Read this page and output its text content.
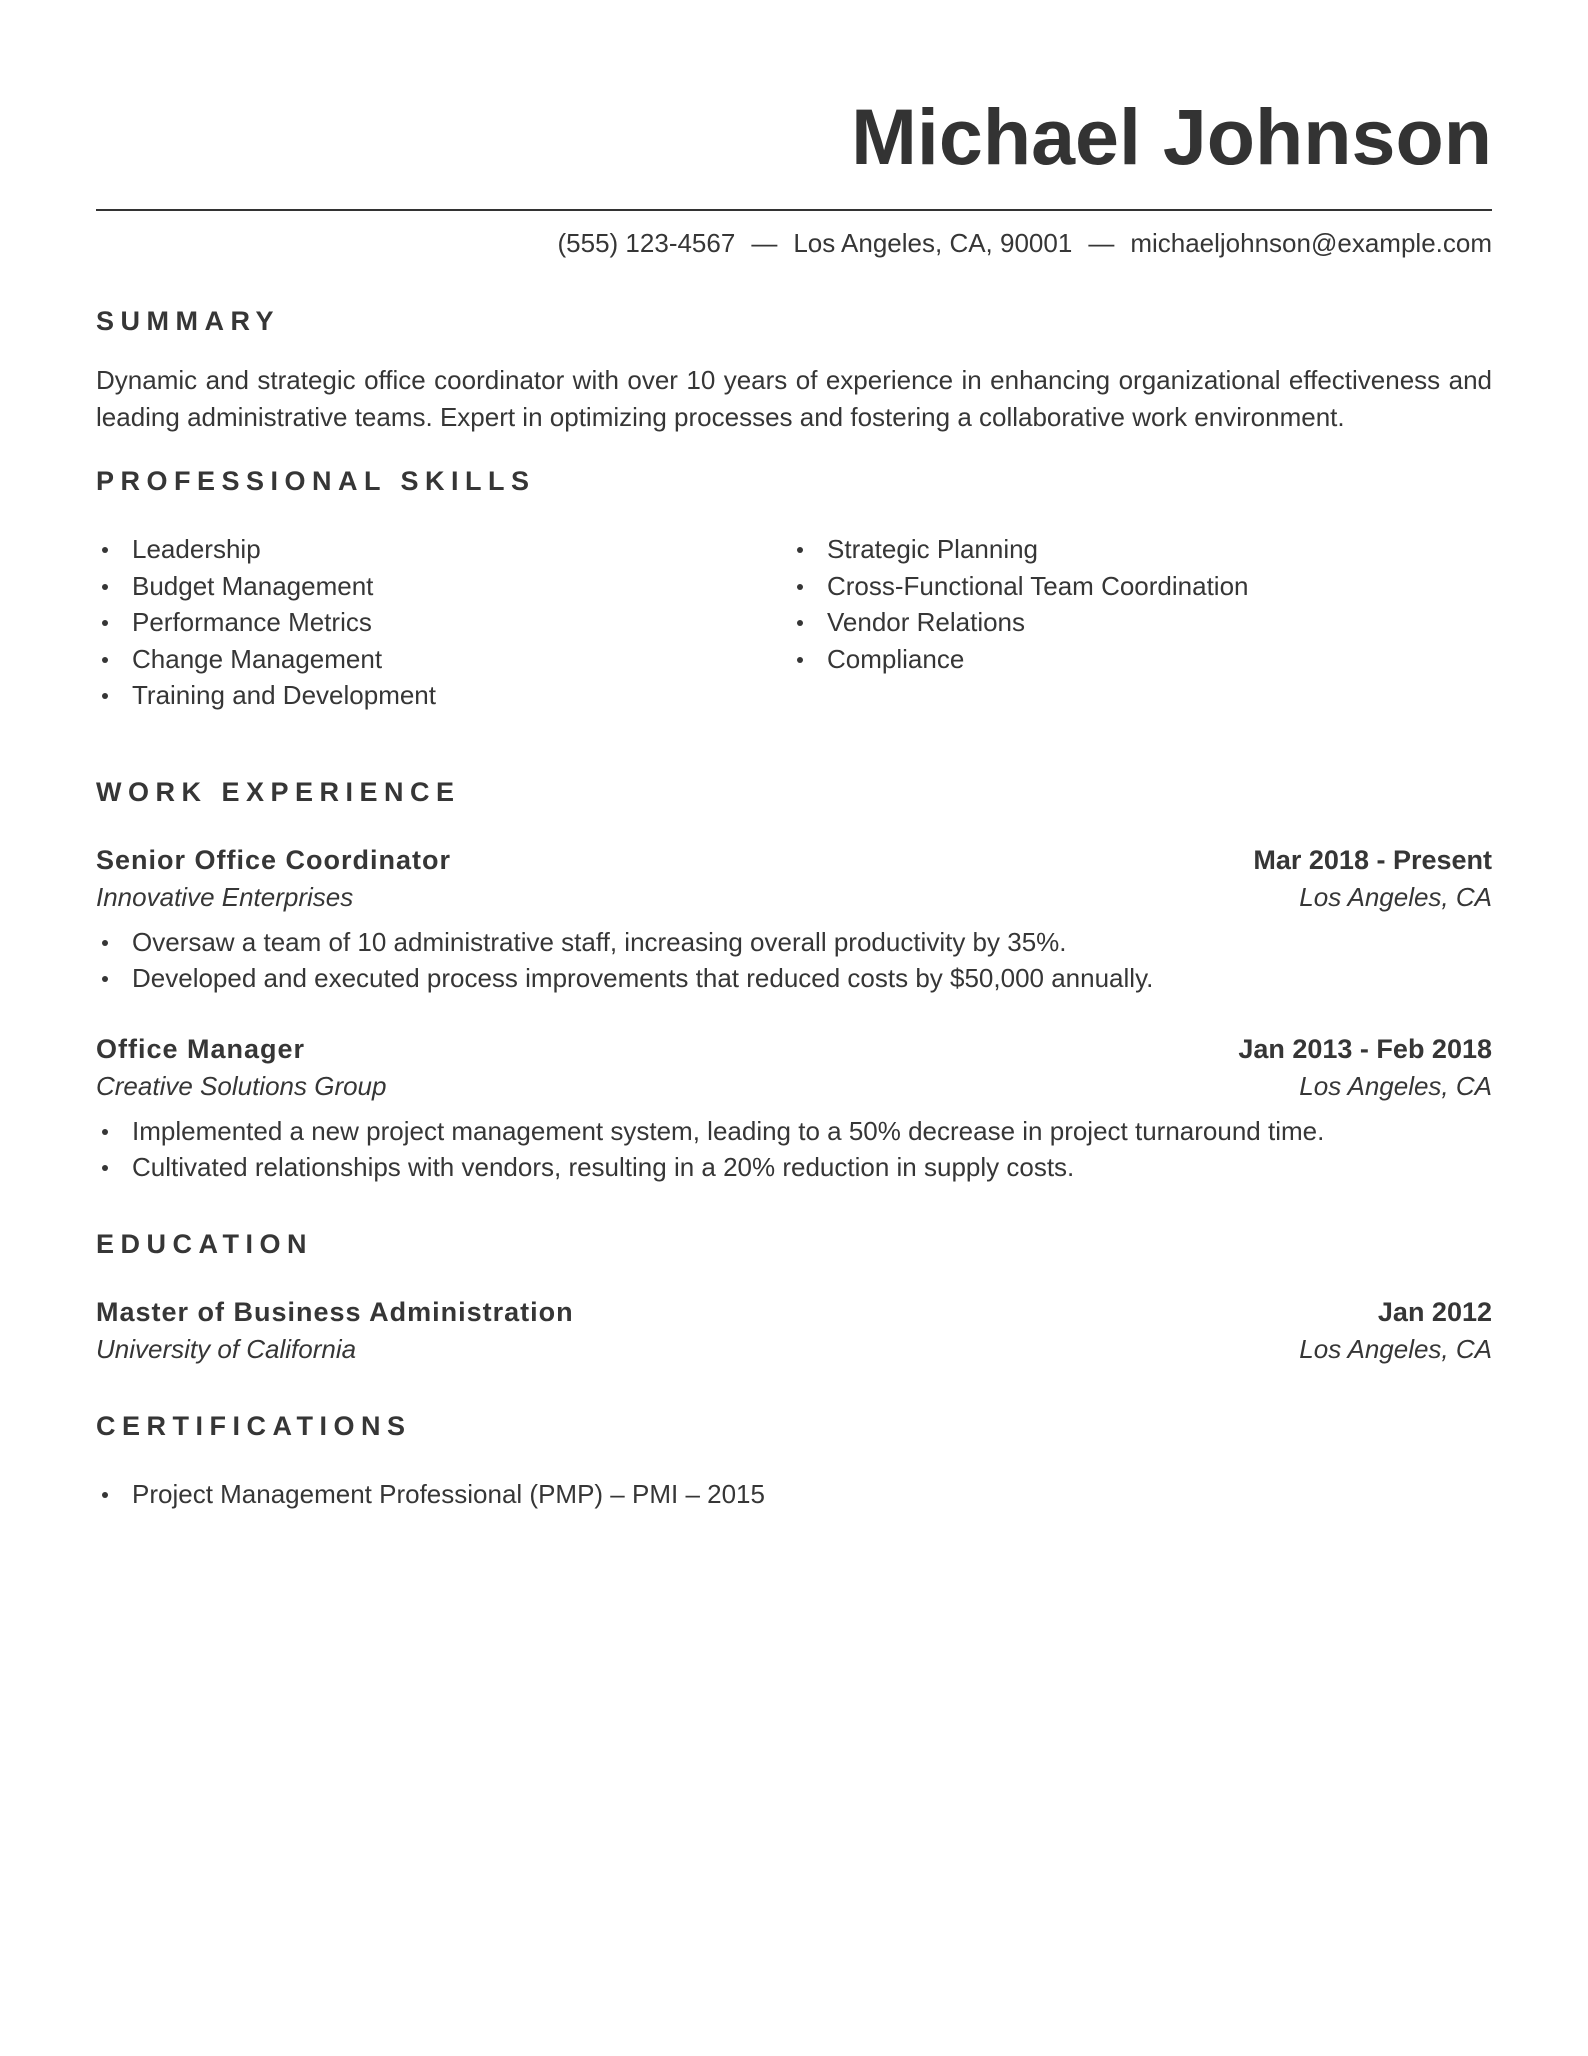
Michael Johnson
(555) 123-4567 — Los Angeles, CA, 90001 — michaeljohnson@example.com
SUMMARY

Dynamic and strategic office coordinator with over 10 years of experience in enhancing organizational effectiveness and leading administrative teams. Expert in optimizing processes and fostering a collaborative work environment.

PROFESSIONAL SKILLS
Leadership
Budget Management
Performance Metrics
Change Management
Training and Development
Strategic Planning
Cross-Functional Team Coordination
Vendor Relations
Compliance
WORK EXPERIENCE
Senior Office Coordinator	Mar 2018 - Present
Innovative Enterprises	Los Angeles, CA
Oversaw a team of 10 administrative staff, increasing overall productivity by 35%.
Developed and executed process improvements that reduced costs by $50,000 annually.
Office Manager	Jan 2013 - Feb 2018
Creative Solutions Group	Los Angeles, CA
Implemented a new project management system, leading to a 50% decrease in project turnaround time.
Cultivated relationships with vendors, resulting in a 20% reduction in supply costs.
EDUCATION
Master of Business Administration	Jan 2012
University of California	Los Angeles, CA
CERTIFICATIONS
Project Management Professional (PMP) – PMI – 2015
